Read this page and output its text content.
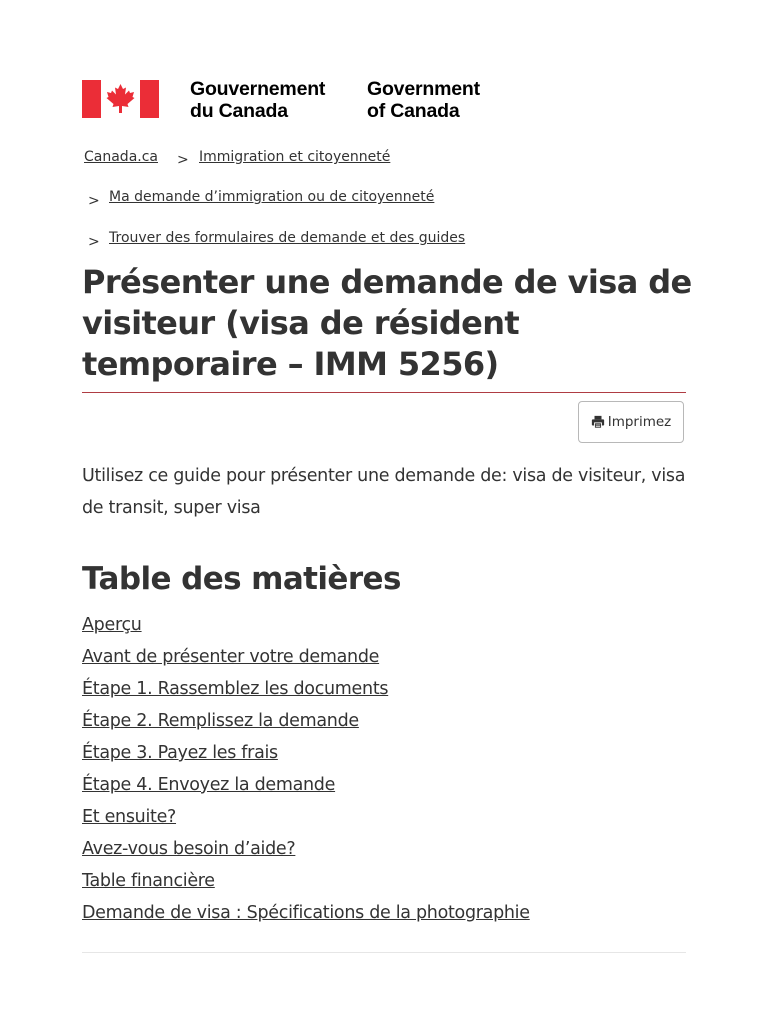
Gouvernement
du Canada
Government
of Canada
Canada.ca > Immigration et citoyenneté
> Ma demande d’immigration ou de citoyenneté
> Trouver des formulaires de demande et des guides
Présenter une demande de visa de visiteur (visa de résident temporaire – IMM 5256)
Imprimez

Utilisez ce guide pour présenter une demande de: visa de visiteur, visa de transit, super visa

Table des matières
Aperçu
Avant de présenter votre demande
Étape 1. Rassemblez les documents
Étape 2. Remplissez la demande
Étape 3. Payez les frais
Étape 4. Envoyez la demande
Et ensuite?
Avez-vous besoin d’aide?
Table financière
Demande de visa : Spécifications de la photographie
